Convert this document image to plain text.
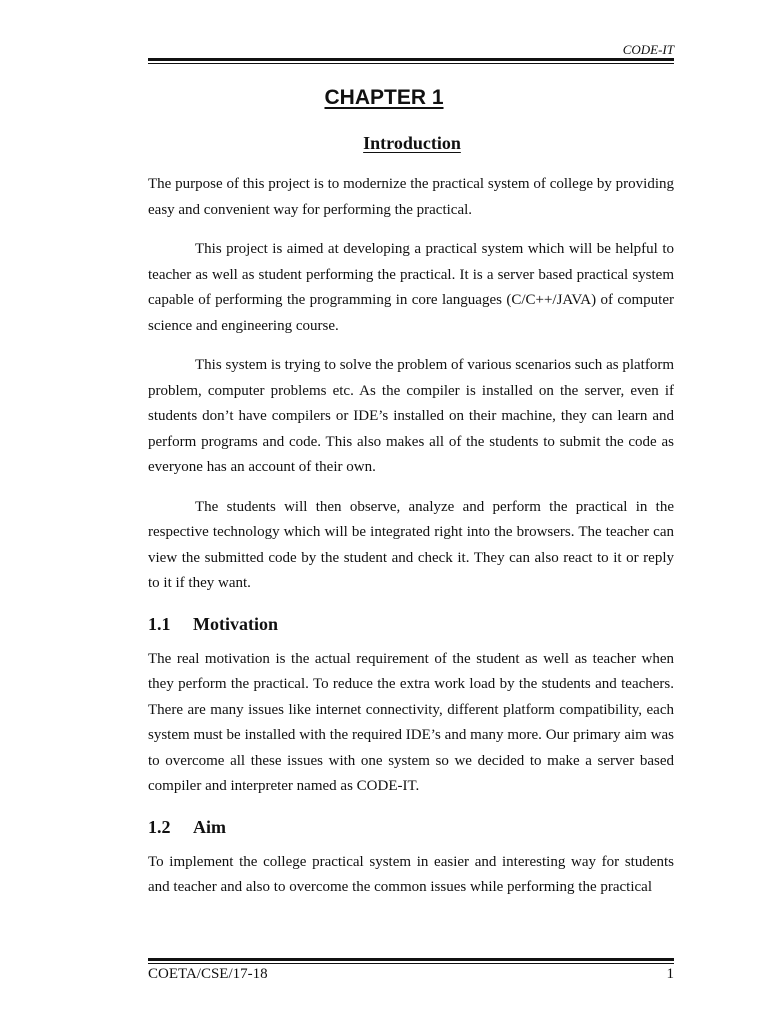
CODE-IT
CHAPTER 1
Introduction

The purpose of this project is to modernize the practical system of college by providing easy and convenient way for performing the practical.

This project is aimed at developing a practical system which will be helpful to teacher as well as student performing the practical. It is a server based practical system capable of performing the programming in core languages (C/C++/JAVA) of computer science and engineering course.

This system is trying to solve the problem of various scenarios such as platform problem, computer problems etc. As the compiler is installed on the server, even if students don’t have compilers or IDE’s installed on their machine, they can learn and perform programs and code. This also makes all of the students to submit the code as everyone has an account of their own.

The students will then observe, analyze and perform the practical in the respective technology which will be integrated right into the browsers. The teacher can view the submitted code by the student and check it. They can also react to it or reply to it if they want.

1.1 Motivation

The real motivation is the actual requirement of the student as well as teacher when they perform the practical. To reduce the extra work load by the students and teachers. There are many issues like internet connectivity, different platform compatibility, each system must be installed with the required IDE’s and many more. Our primary aim was to overcome all these issues with one system so we decided to make a server based compiler and interpreter named as CODE-IT.

1.2 Aim

To implement the college practical system in easier and interesting way for students and teacher and also to overcome the common issues while performing the practical

COETA/CSE/17-18	1
